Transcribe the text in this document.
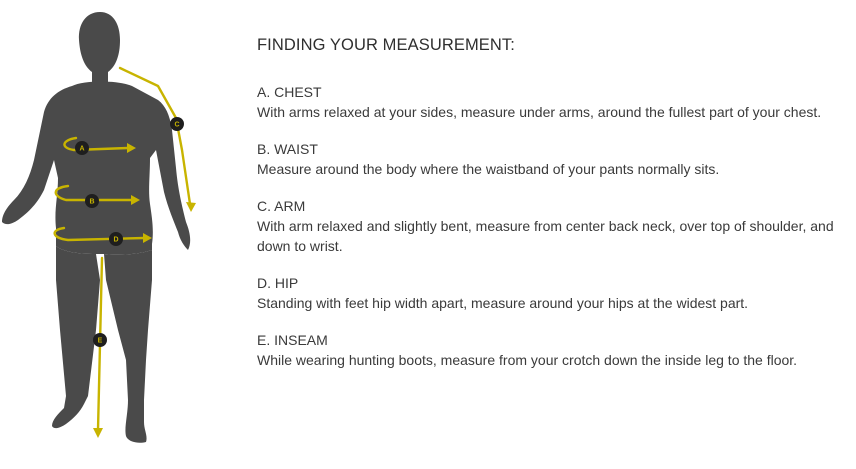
A
B
C
D
E
FINDING YOUR MEASUREMENT:

A. CHEST

With arms relaxed at your sides, measure under arms, around the fullest part of your chest.

B. WAIST

Measure around the body where the waistband of your pants normally sits.

C. ARM

With arm relaxed and slightly bent, measure from center back neck, over top of shoulder, and down to wrist.

D. HIP

Standing with feet hip width apart, measure around your hips at the widest part.

E. INSEAM

While wearing hunting boots, measure from your crotch down the inside leg to the floor.
